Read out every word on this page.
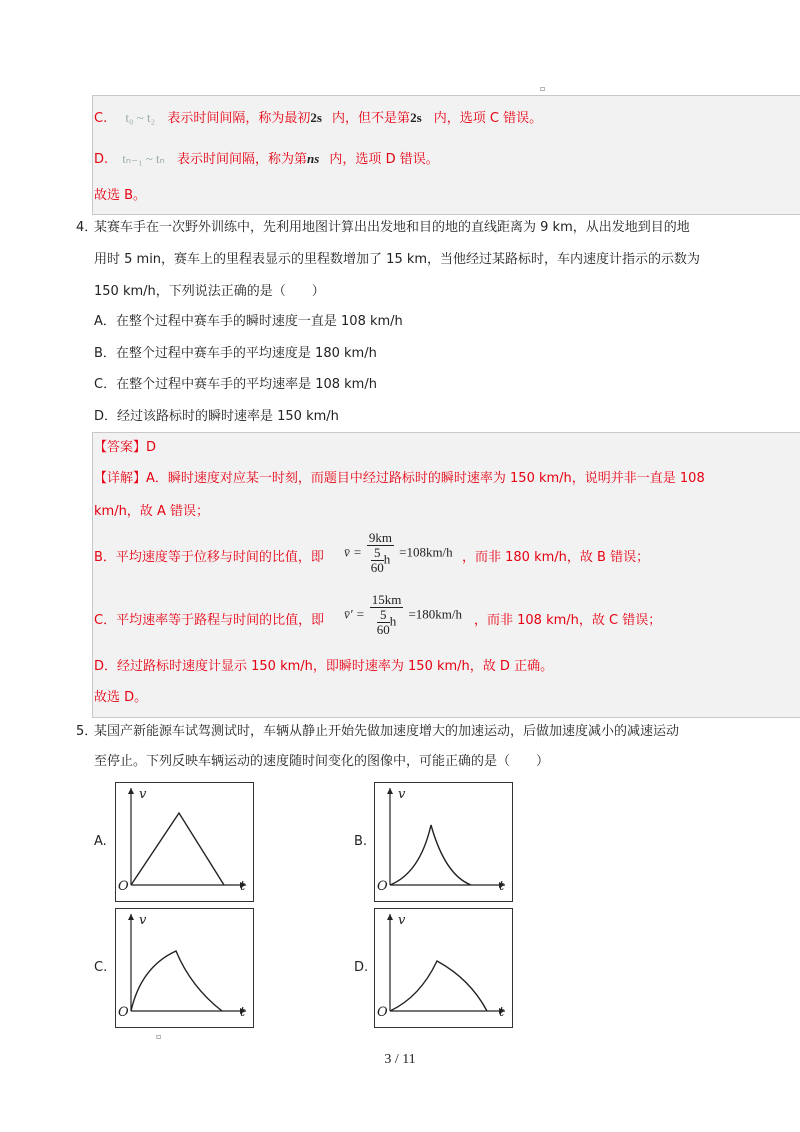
▫
▫
C. t₀ ~ t₂ 表示时间间隔，称为最初2s 内，但不是第2s 内，选项 C 错误。
D. tₙ₋₁ ~ tₙ 表示时间间隔，称为第ns 内，选项 D 错误。
故选 B。
4．
某赛车手在一次野外训练中，先利用地图计算出出发地和目的地的直线距离为 9 km，从出发地到目的地
用时 5 min，赛车上的里程表显示的里程数增加了 15 km，当他经过某路标时，车内速度计指示的示数为
150 km/h，下列说法正确的是（　　）
A．在整个过程中赛车手的瞬时速度一直是 108 km/h
B．在整个过程中赛车手的平均速度是 180 km/h
C．在整个过程中赛车手的平均速率是 108 km/h
D．经过该路标时的瞬时速率是 150 km/h
【答案】D
【详解】A．瞬时速度对应某一时刻，而题目中经过路标时的瞬时速率为 150 km/h，说明并非一直是 108
km/h，故 A 错误；
B．平均速度等于位移与时间的比值，即 v̄ = $\frac{9km}{\frac{5}{60} h} =108km/h$ ，而非 180 km/h，故 B 错误；
C．平均速率等于路程与时间的比值，即 v̄′ = $\frac{15km}{\frac{5}{60} h} =180km/h$ ，而非 108 km/h，故 C 错误；
D．经过路标时速度计显示 150 km/h，即瞬时速率为 150 km/h，故 D 正确。
故选 D。
5．
某国产新能源车试驾测试时，车辆从静止开始先做加速度增大的加速运动，后做加速度减小的减速运动
至停止。下列反映车辆运动的速度随时间变化的图像中，可能正确的是（　　）
A.
v
O	t
B.
v
O	t
C.
v
O	t
D.
v
O	t
3 / 11
